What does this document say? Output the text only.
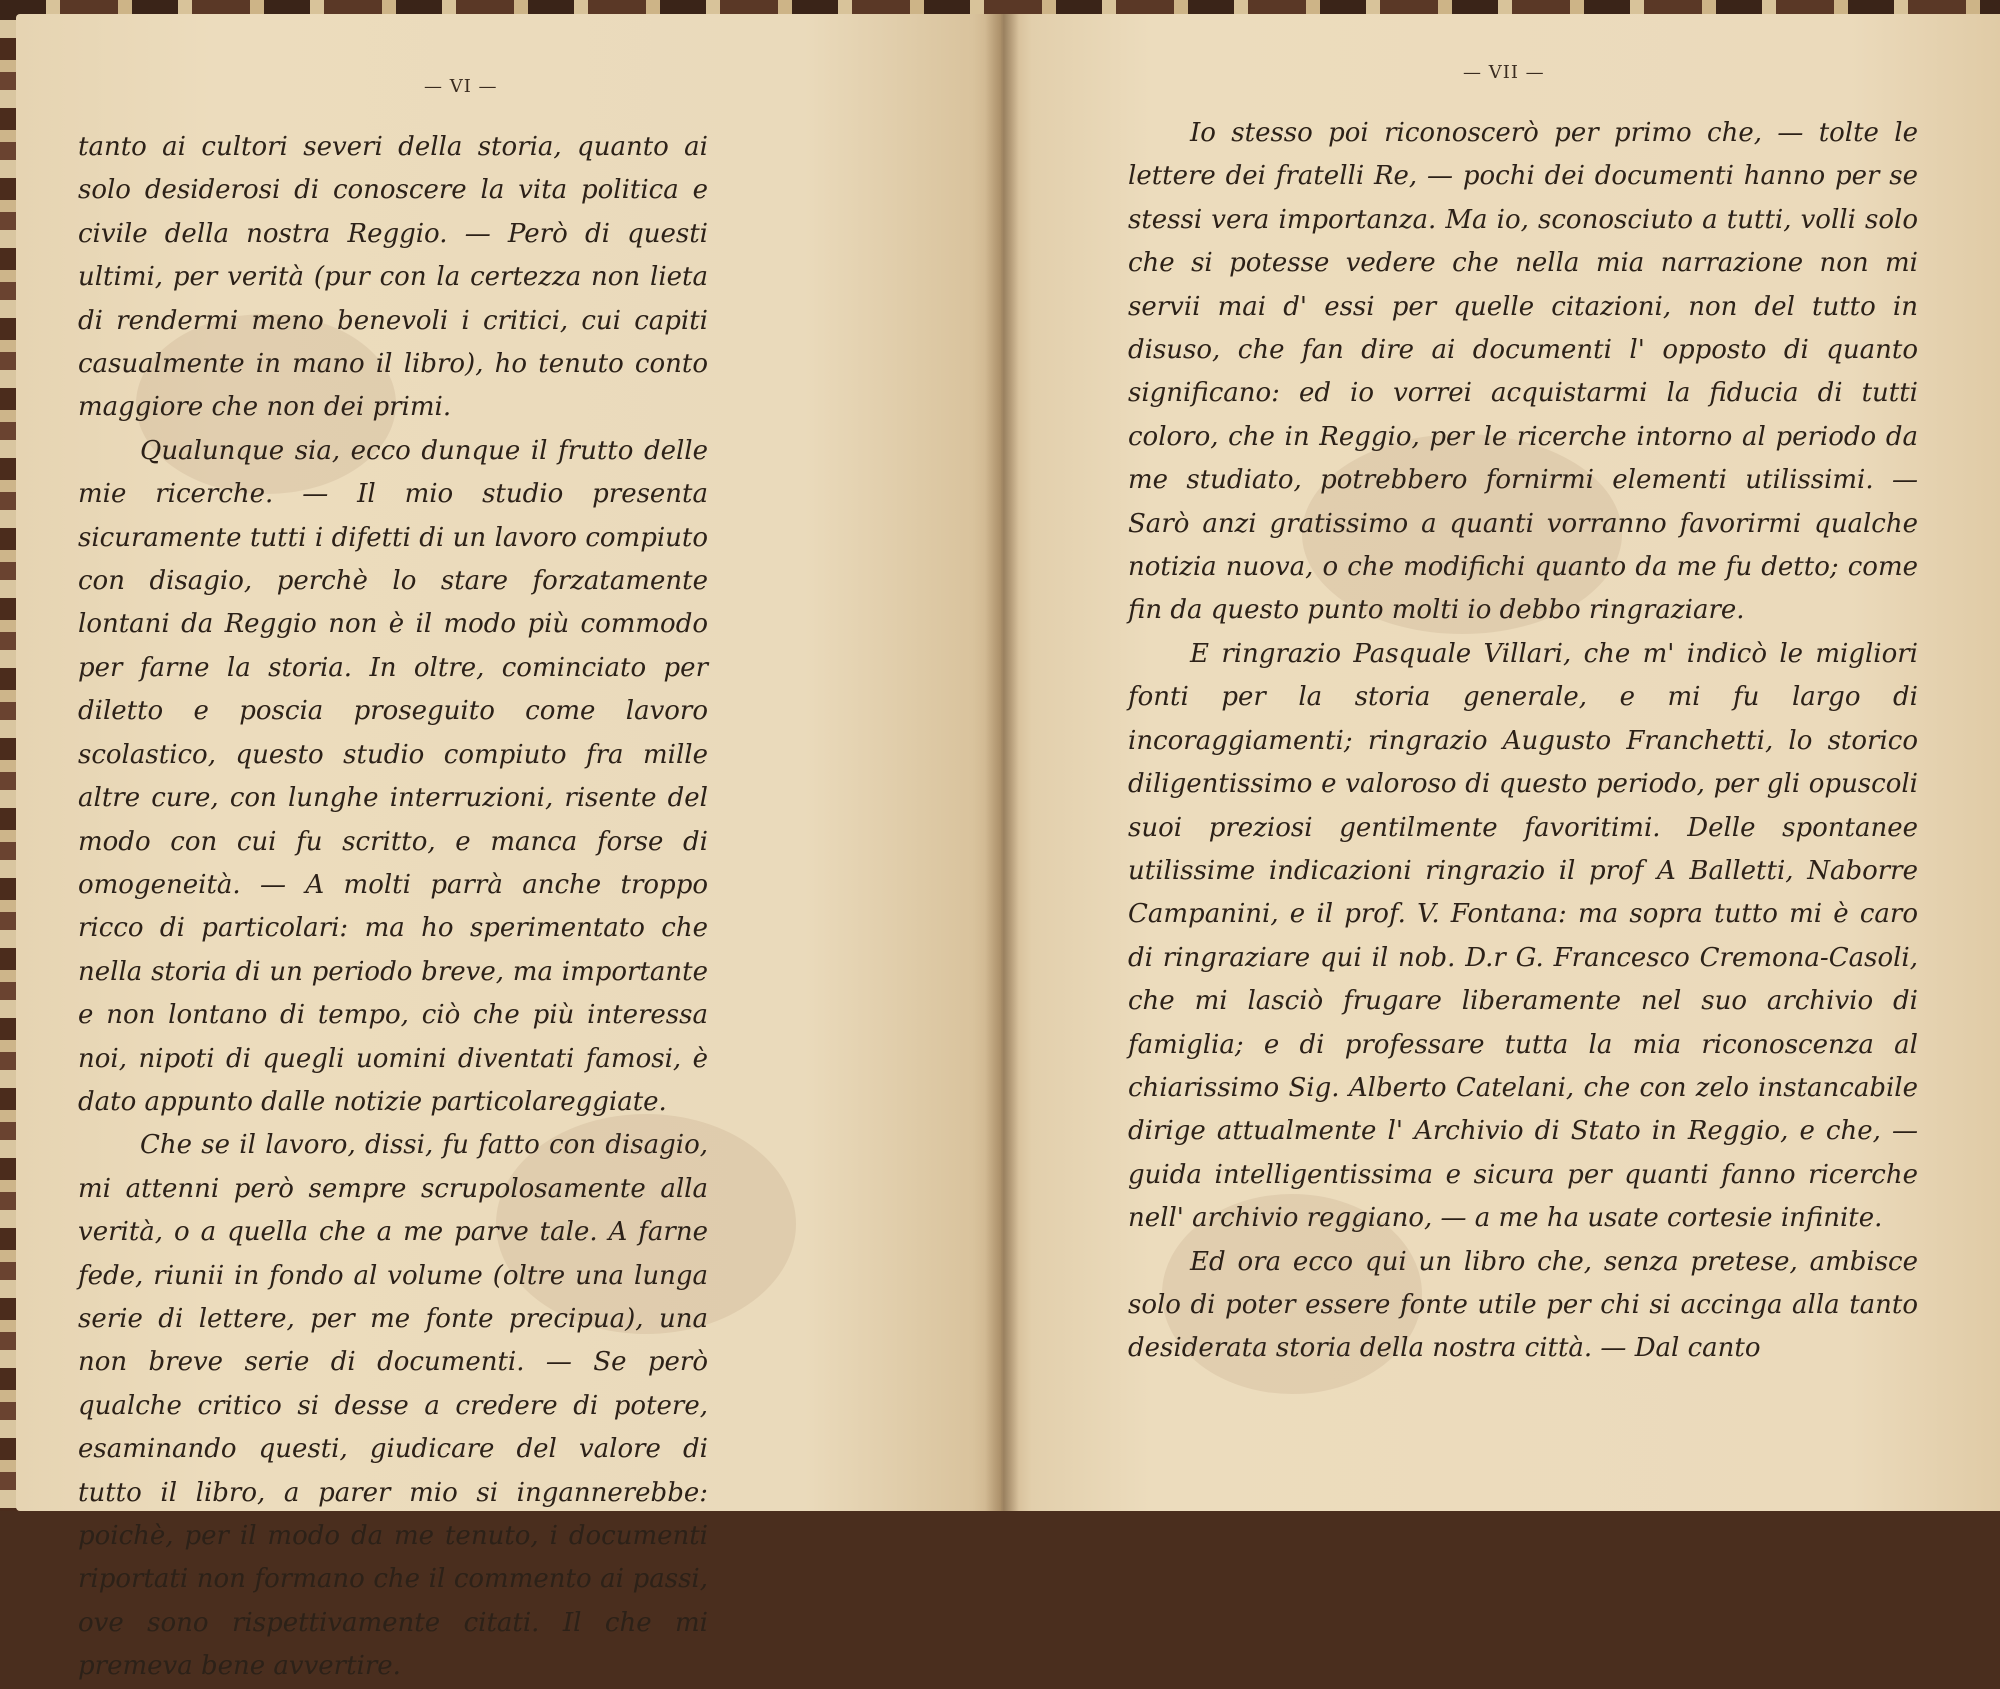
— VI —

tanto ai cultori severi della storia, quanto ai solo desiderosi di conoscere la vita politica e civile della nostra Reggio. — Però di questi ultimi, per verità (pur con la certezza non lieta di rendermi meno benevoli i critici, cui capiti casualmente in mano il libro), ho tenuto conto maggiore che non dei primi.

Qualunque sia, ecco dunque il frutto delle mie ricerche. — Il mio studio presenta sicuramente tutti i difetti di un lavoro compiuto con disagio, perchè lo stare forzatamente lontani da Reggio non è il modo più commodo per farne la storia. In oltre, cominciato per diletto e poscia proseguito come lavoro scolastico, questo studio compiuto fra mille altre cure, con lunghe interruzioni, risente del modo con cui fu scritto, e manca forse di omogeneità. — A molti parrà anche troppo ricco di particolari: ma ho sperimentato che nella storia di un periodo breve, ma importante e non lontano di tempo, ciò che più interessa noi, nipoti di quegli uomini diventati famosi, è dato appunto dalle notizie particolareggiate.

Che se il lavoro, dissi, fu fatto con disagio, mi attenni però sempre scrupolosamente alla verità, o a quella che a me parve tale. A farne fede, riunii in fondo al volume (oltre una lunga serie di lettere, per me fonte precipua), una non breve serie di documenti. — Se però qualche critico si desse a credere di potere, esaminando questi, giudicare del valore di tutto il libro, a parer mio si ingannerebbe: poichè, per il modo da me tenuto, i documenti riportati non formano che il commento ai passi, ove sono rispettivamente citati. Il che mi premeva bene avvertire.

— VII —

Io stesso poi riconoscerò per primo che, — tolte le lettere dei fratelli Re, — pochi dei documenti hanno per se stessi vera importanza. Ma io, sconosciuto a tutti, volli solo che si potesse vedere che nella mia narrazione non mi servii mai d' essi per quelle citazioni, non del tutto in disuso, che fan dire ai documenti l' opposto di quanto significano: ed io vorrei acquistarmi la fiducia di tutti coloro, che in Reggio, per le ricerche intorno al periodo da me studiato, potrebbero fornirmi elementi utilissimi. — Sarò anzi gratissimo a quanti vorranno favorirmi qualche notizia nuova, o che modifichi quanto da me fu detto; come fin da questo punto molti io debbo ringraziare.

E ringrazio Pasquale Villari, che m' indicò le migliori fonti per la storia generale, e mi fu largo di incoraggiamenti; ringrazio Augusto Franchetti, lo storico diligentissimo e valoroso di questo periodo, per gli opuscoli suoi preziosi gentilmente favoritimi. Delle spontanee utilissime indicazioni ringrazio il prof A Balletti, Naborre Campanini, e il prof. V. Fontana: ma sopra tutto mi è caro di ringraziare qui il nob. D.r G. Francesco Cremona-Casoli, che mi lasciò frugare liberamente nel suo archivio di famiglia; e di professare tutta la mia riconoscenza al chiarissimo Sig. Alberto Catelani, che con zelo instancabile dirige attualmente l' Archivio di Stato in Reggio, e che, — guida intelligentissima e sicura per quanti fanno ricerche nell' archivio reggiano, — a me ha usate cortesie infinite.

Ed ora ecco qui un libro che, senza pretese, ambisce solo di poter essere fonte utile per chi si accinga alla tanto desiderata storia della nostra città. — Dal canto
